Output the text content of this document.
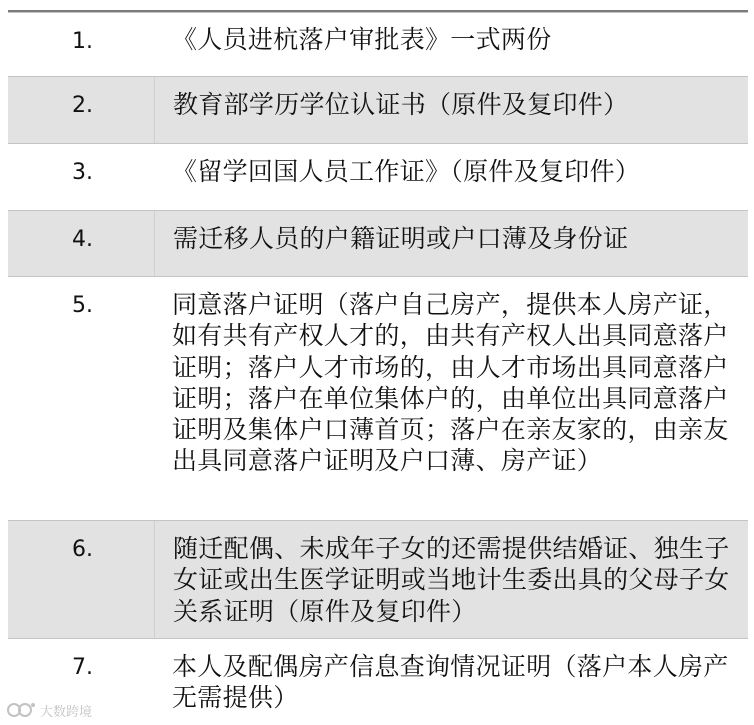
1.	《人员进杭落户审批表》一式两份
2.	教育部学历学位认证书（原件及复印件）
3.	《留学回国人员工作证》（原件及复印件）
4.	需迁移人员的户籍证明或户口薄及身份证
5.	同意落户证明（落户自己房产，提供本人房产证，如有共有产权人才的，由共有产权人出具同意落户证明；落户人才市场的，由人才市场出具同意落户证明；落户在单位集体户的，由单位出具同意落户证明及集体户口薄首页；落户在亲友家的，由亲友出具同意落户证明及户口薄、房产证）
6.	随迁配偶、未成年子女的还需提供结婚证、独生子女证或出生医学证明或当地计生委出具的父母子女关系证明（原件及复印件）
7.	本人及配偶房产信息查询情况证明（落户本人房产无需提供）
大数跨境
